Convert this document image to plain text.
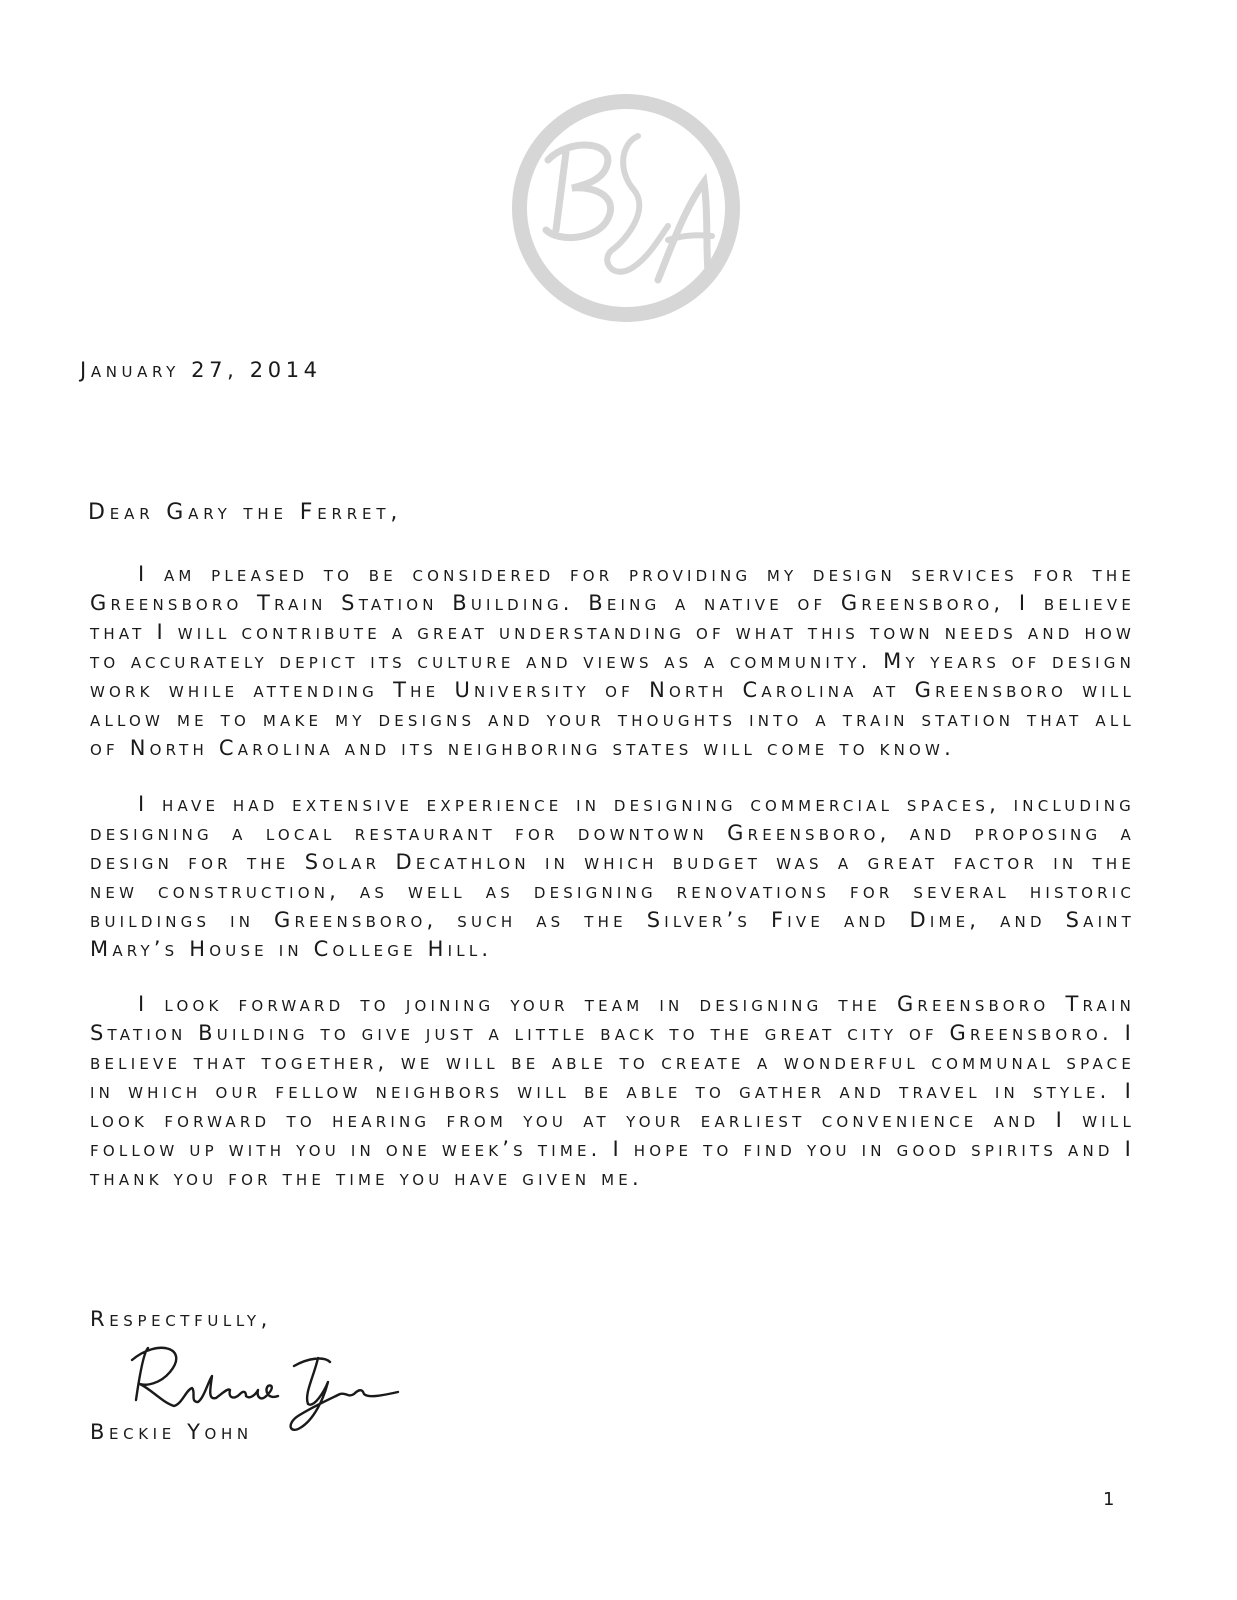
January 27, 2014

Dear Gary the Ferret,

I am pleased to be considered for providing my design services for the Greensboro Train Station Building. Being a native of Greensboro, I believe that I will contribute a great understanding of what this town needs and how to accurately depict its culture and views as a community. My years of design work while attending The University of North Carolina at Greensboro will allow me to make my designs and your thoughts into a train station that all of North Carolina and its neighboring states will come to know.

I have had extensive experience in designing commercial spaces, including designing a local restaurant for downtown Greensboro, and proposing a design for the Solar Decathlon in which budget was a great factor in the new construction, as well as designing renovations for several historic buildings in Greensboro, such as the Silver’s Five and Dime, and Saint Mary’s House in College Hill.

I look forward to joining your team in designing the Greensboro Train Station Building to give just a little back to the great city of Greensboro. I believe that together, we will be able to create a wonderful communal space in which our fellow neighbors will be able to gather and travel in style. I look forward to hearing from you at your earliest convenience and I will follow up with you in one week’s time. I hope to find you in good spirits and I thank you for the time you have given me.

Respectfully,

Beckie Yohn

1
